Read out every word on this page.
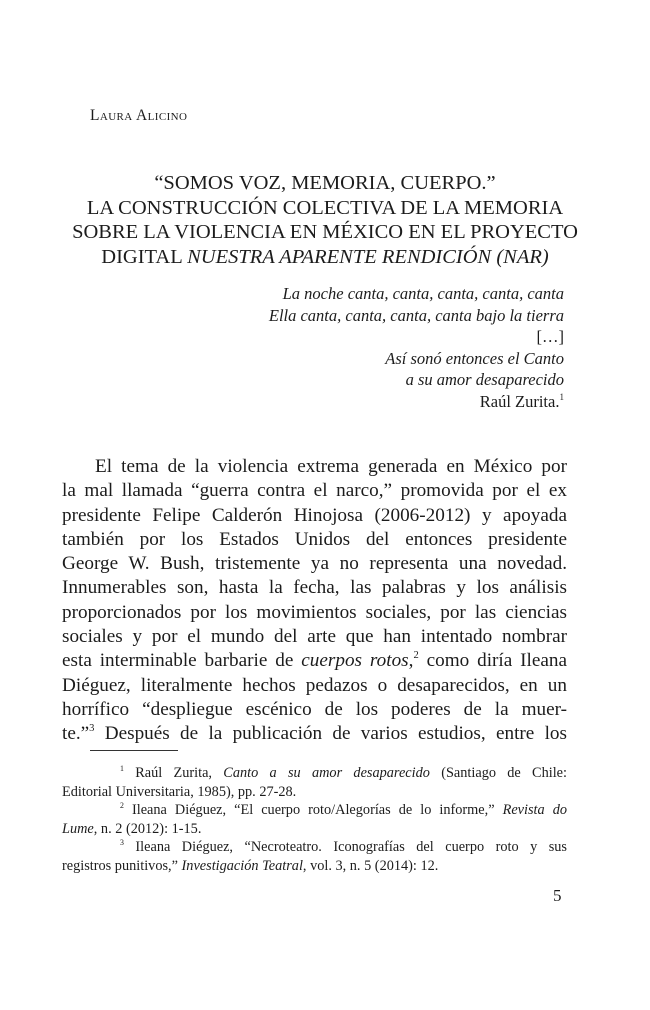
Laura Alicino
“SOMOS VOZ, MEMORIA, CUERPO.”
LA CONSTRUCCIÓN COLECTIVA DE LA MEMORIA
SOBRE LA VIOLENCIA EN MÉXICO EN EL PROYECTO
DIGITAL NUESTRA APARENTE RENDICIÓN (NAR)
La noche canta, canta, canta, canta, canta
Ella canta, canta, canta, canta bajo la tierra
[…]
Así sonó entonces el Canto
a su amor desaparecido
Raúl Zurita.$^1$
El tema de la violencia extrema generada en México por
la mal llamada “guerra contra el narco,” promovida por el ex
presidente Felipe Calderón Hinojosa (2006-2012) y apoyada
también por los Estados Unidos del entonces presidente
George W. Bush, tristemente ya no representa una novedad.
Innumerables son, hasta la fecha, las palabras y los análisis
proporcionados por los movimientos sociales, por las ciencias
sociales y por el mundo del arte que han intentado nombrar
esta interminable barbarie de cuerpos rotos,$^2$ como diría Ileana
Diéguez, literalmente hechos pedazos o desaparecidos, en un
horrífico “despliegue escénico de los poderes de la muer-
te.”$^3$ Después de la publicación de varios estudios, entre los
$^1$ Raúl Zurita, Canto a su amor desaparecido (Santiago de Chile:
Editorial Universitaria, 1985), pp. 27-28.
$^2$ Ileana Diéguez, “El cuerpo roto/Alegorías de lo informe,” Revista do
Lume, n. 2 (2012): 1-15.
$^3$ Ileana Diéguez, “Necroteatro. Iconografías del cuerpo roto y sus
registros punitivos,” Investigación Teatral, vol. 3, n. 5 (2014): 12.
5
